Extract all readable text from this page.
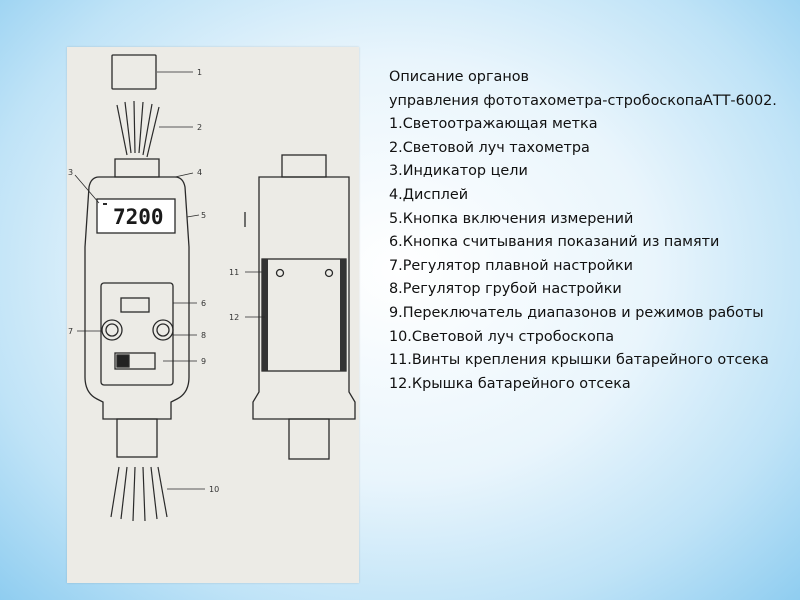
7200
1
2
3	4
5
6
7	8
9
10
11
12
Описание органов
управления фототахометра-стробоскопаАТТ-6002.
1.Светоотражающая метка
2.Световой луч тахометра
3.Индикатор цели
4.Дисплей
5.Кнопка включения измерений
6.Кнопка считывания показаний из памяти
7.Регулятор плавной настройки
8.Регулятор грубой настройки
9.Переключатель диапазонов и режимов работы
10.Световой луч стробоскопа
11.Винты крепления крышки батарейного отсека
12.Крышка батарейного отсека
